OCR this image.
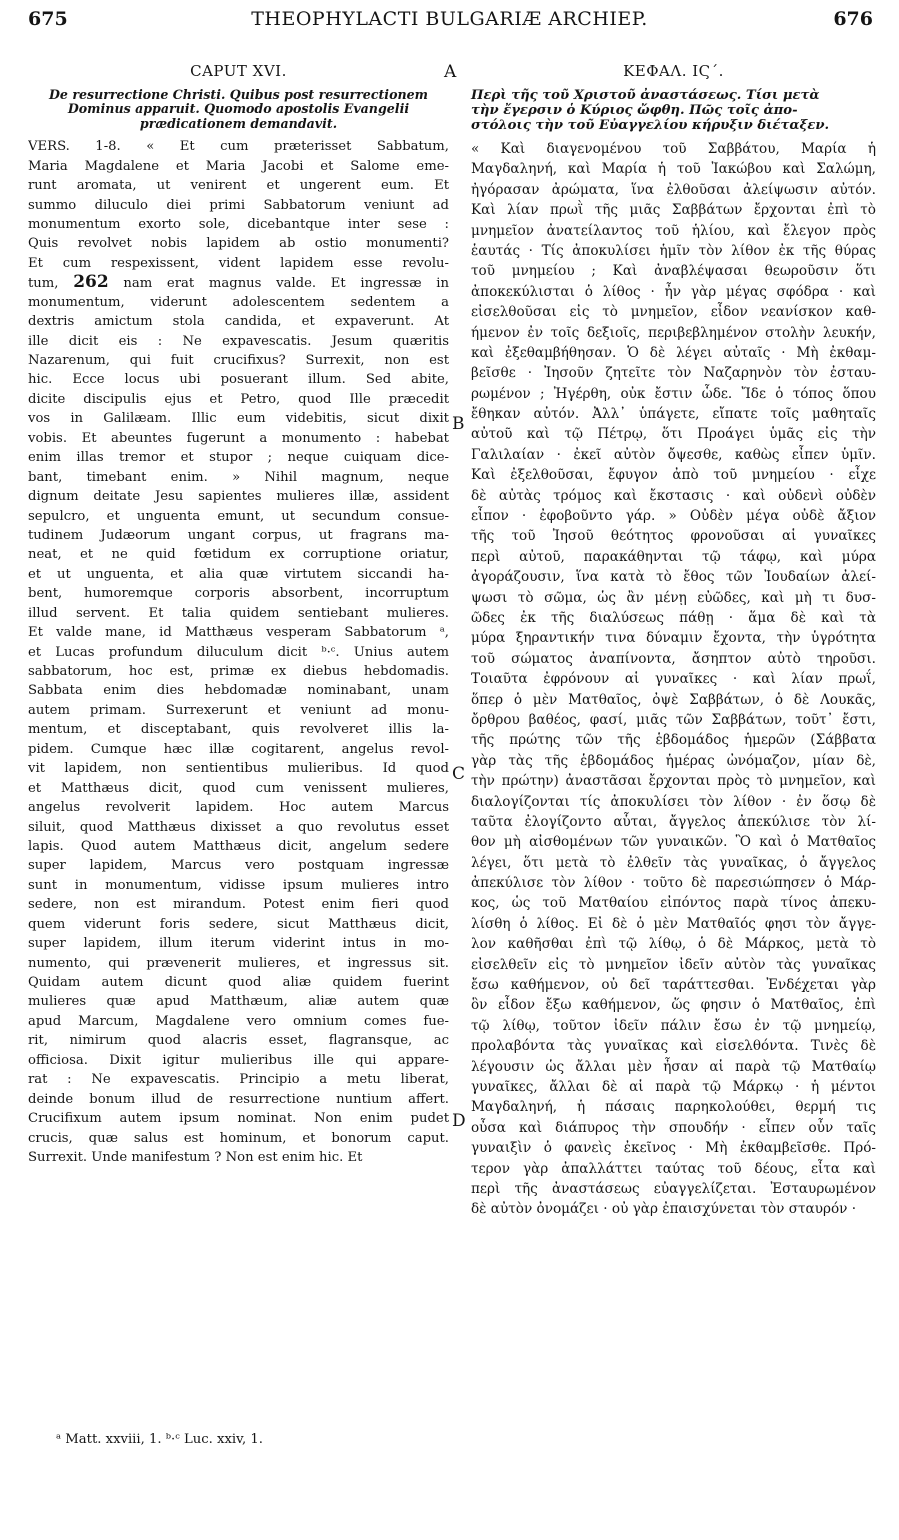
675	THEOPHYLACTI BULGARIÆ ARCHIEP.	676
A
B
C
D
CAPUT XVI.
De resurrectione Christi. Quibus post resurrectionem
Dominus apparuit. Quomodo apostolis Evangelii
prædicationem demandavit.
VERS. 1-8. « Et cum præterisset Sabbatum,
Maria Magdalene et Maria Jacobi et Salome eme-
runt aromata, ut venirent et ungerent eum. Et
summo diluculo diei primi Sabbatorum veniunt ad
monumentum exorto sole, dicebantque inter sese :
Quis revolvet nobis lapidem ab ostio monumenti?
Et cum respexissent, vident lapidem esse revolu-
tum, 262 nam erat magnus valde. Et ingressæ in
monumentum, viderunt adolescentem sedentem a
dextris amictum stola candida, et expaverunt. At
ille dicit eis : Ne expavescatis. Jesum quæritis
Nazarenum, qui fuit crucifixus? Surrexit, non est
hic. Ecce locus ubi posuerant illum. Sed abite,
dicite discipulis ejus et Petro, quod Ille præcedit
vos in Galilæam. Illic eum videbitis, sicut dixit
vobis. Et abeuntes fugerunt a monumento : habebat
enim illas tremor et stupor ; neque cuiquam dice-
bant, timebant enim. » Nihil magnum, neque
dignum deitate Jesu sapientes mulieres illæ, assident
sepulcro, et unguenta emunt, ut secundum consue-
tudinem Judæorum ungant corpus, ut fragrans ma-
neat, et ne quid fœtidum ex corruptione oriatur,
et ut unguenta, et alia quæ virtutem siccandi ha-
bent, humoremque corporis absorbent, incorruptum
illud servent. Et talia quidem sentiebant mulieres.
Et valde mane, id Matthæus vesperam Sabbatorum ᵃ,
et Lucas profundum diluculum dicit ᵇ·ᶜ. Unius autem
sabbatorum, hoc est, primæ ex diebus hebdomadis.
Sabbata enim dies hebdomadæ nominabant, unam
autem primam. Surrexerunt et veniunt ad monu-
mentum, et disceptabant, quis revolveret illis la-
pidem. Cumque hæc illæ cogitarent, angelus revol-
vit lapidem, non sentientibus mulieribus. Id quod
et Matthæus dicit, quod cum venissent mulieres,
angelus revolverit lapidem. Hoc autem Marcus
siluit, quod Matthæus dixisset a quo revolutus esset
lapis. Quod autem Matthæus dicit, angelum sedere
super lapidem, Marcus vero postquam ingressæ
sunt in monumentum, vidisse ipsum mulieres intro
sedere, non est mirandum. Potest enim fieri quod
quem viderunt foris sedere, sicut Matthæus dicit,
super lapidem, illum iterum viderint intus in mo-
numento, qui prævenerit mulieres, et ingressus sit.
Quidam autem dicunt quod aliæ quidem fuerint
mulieres quæ apud Matthæum, aliæ autem quæ
apud Marcum, Magdalene vero omnium comes fue-
rit, nimirum quod alacris esset, flagransque, ac
officiosa. Dixit igitur mulieribus ille qui appare-
rat : Ne expavescatis. Principio a metu liberat,
deinde bonum illud de resurrectione nuntium affert.
Crucifixum autem ipsum nominat. Non enim pudet
crucis, quæ salus est hominum, et bonorum caput.
Surrexit. Unde manifestum ? Non est enim hic. Et
ΚΕΦΑΛ. ΙϚ΄.
Περὶ τῆς τοῦ Χριστοῦ ἀναστάσεως. Τίσι μετὰ
τὴν ἔγερσιν ὁ Κύριος ὤφθη. Πῶς τοῖς ἀπο-
στόλοις τὴν τοῦ Εὐαγγελίου κήρυξιν διέταξεν.
« Καὶ διαγενομένου τοῦ Σαββάτου, Μαρία ἡ
Μαγδαληνή, καὶ Μαρία ἡ τοῦ Ἰακώβου καὶ Σαλώμη,
ἠγόρασαν ἀρώματα, ἵνα ἐλθοῦσαι ἀλείψωσιν αὐτόν.
Καὶ λίαν πρωῒ τῆς μιᾶς Σαββάτων ἔρχονται ἐπὶ τὸ
μνημεῖον ἀνατείλαντος τοῦ ἡλίου, καὶ ἔλεγον πρὸς
ἑαυτάς · Τίς ἀποκυλίσει ἡμῖν τὸν λίθον ἐκ τῆς θύρας
τοῦ μνημείου ; Καὶ ἀναβλέψασαι θεωροῦσιν ὅτι
ἀποκεκύλισται ὁ λίθος · ἦν γὰρ μέγας σφόδρα · καὶ
εἰσελθοῦσαι εἰς τὸ μνημεῖον, εἶδον νεανίσκον καθ-
ήμενον ἐν τοῖς δεξιοῖς, περιβεβλημένον στολὴν λευκήν,
καὶ ἐξεθαμβήθησαν. Ὁ δὲ λέγει αὐταῖς · Μὴ ἐκθαμ-
βεῖσθε · Ἰησοῦν ζητεῖτε τὸν Ναζαρηνὸν τὸν ἐσταυ-
ρωμένον ; Ἠγέρθη, οὐκ ἔστιν ὧδε. Ἴδε ὁ τόπος ὅπου
ἔθηκαν αὐτόν. Ἀλλ᾽ ὑπάγετε, εἴπατε τοῖς μαθηταῖς
αὐτοῦ καὶ τῷ Πέτρῳ, ὅτι Προάγει ὑμᾶς εἰς τὴν
Γαλιλαίαν · ἐκεῖ αὐτὸν ὄψεσθε, καθὼς εἶπεν ὑμῖν.
Καὶ ἐξελθοῦσαι, ἔφυγον ἀπὸ τοῦ μνημείου · εἶχε
δὲ αὐτὰς τρόμος καὶ ἔκστασις · καὶ οὐδενὶ οὐδὲν
εἶπον · ἐφοβοῦντο γάρ. » Οὐδὲν μέγα οὐδὲ ἄξιον
τῆς τοῦ Ἰησοῦ θεότητος φρονοῦσαι αἱ γυναῖκες
περὶ αὐτοῦ, παρακάθηνται τῷ τάφῳ, καὶ μύρα
ἀγοράζουσιν, ἵνα κατὰ τὸ ἔθος τῶν Ἰουδαίων ἀλεί-
ψωσι τὸ σῶμα, ὡς ἂν μένῃ εὐῶδες, καὶ μὴ τι δυσ-
ῶδες ἐκ τῆς διαλύσεως πάθῃ · ἅμα δὲ καὶ τὰ
μύρα ξηραντικήν τινα δύναμιν ἔχοντα, τὴν ὑγρότητα
τοῦ σώματος ἀναπίνοντα, ἄσηπτον αὐτὸ τηροῦσι.
Τοιαῦτα ἐφρόνουν αἱ γυναῖκες · καὶ λίαν πρωΐ,
ὅπερ ὁ μὲν Ματθαῖος, ὀψὲ Σαββάτων, ὁ δὲ Λουκᾶς,
ὄρθρου βαθέος, φασί, μιᾶς τῶν Σαββάτων, τοῦτ᾽ ἔστι,
τῆς πρώτης τῶν τῆς ἑβδομάδος ἡμερῶν (Σάββατα
γὰρ τὰς τῆς ἑβδομάδος ἡμέρας ὠνόμαζον, μίαν δὲ,
τὴν πρώτην) ἀναστᾶσαι ἔρχονται πρὸς τὸ μνημεῖον, καὶ
διαλογίζονται τίς ἀποκυλίσει τὸν λίθον · ἐν ὅσῳ δὲ
ταῦτα ἐλογίζοντο αὗται, ἄγγελος ἀπεκύλισε τὸν λί-
θον μὴ αἰσθομένων τῶν γυναικῶν. Ὃ καὶ ὁ Ματθαῖος
λέγει, ὅτι μετὰ τὸ ἐλθεῖν τὰς γυναῖκας, ὁ ἄγγελος
ἀπεκύλισε τὸν λίθον · τοῦτο δὲ παρεσιώπησεν ὁ Μάρ-
κος, ὡς τοῦ Ματθαίου εἰπόντος παρὰ τίνος ἀπεκυ-
λίσθη ὁ λίθος. Εἰ δὲ ὁ μὲν Ματθαῖός φησι τὸν ἄγγε-
λον καθῆσθαι ἐπὶ τῷ λίθῳ, ὁ δὲ Μάρκος, μετὰ τὸ
εἰσελθεῖν εἰς τὸ μνημεῖον ἰδεῖν αὐτὸν τὰς γυναῖκας
ἔσω καθήμενον, οὐ δεῖ ταράττεσθαι. Ἐνδέχεται γὰρ
ὃν εἶδον ἔξω καθήμενον, ὥς φησιν ὁ Ματθαῖος, ἐπὶ
τῷ λίθῳ, τοῦτον ἰδεῖν πάλιν ἔσω ἐν τῷ μνημείῳ,
προλαβόντα τὰς γυναῖκας καὶ εἰσελθόντα. Τινὲς δὲ
λέγουσιν ὡς ἄλλαι μὲν ἦσαν αἱ παρὰ τῷ Ματθαίῳ
γυναῖκες, ἄλλαι δὲ αἱ παρὰ τῷ Μάρκῳ · ἡ μέντοι
Μαγδαληνή, ἡ πάσαις παρηκολούθει, θερμή τις
οὖσα καὶ διάπυρος τὴν σπουδήν · εἶπεν οὖν ταῖς
γυναιξὶν ὁ φανεὶς ἐκεῖνος · Μὴ ἐκθαμβεῖσθε. Πρό-
τερον γὰρ ἀπαλλάττει ταύτας τοῦ δέους, εἶτα καὶ
περὶ τῆς ἀναστάσεως εὐαγγελίζεται. Ἐσταυρωμένον
δὲ αὐτὸν ὀνομάζει · οὐ γὰρ ἐπαισχύνεται τὸν σταυρόν ·
ᵃ Matt. xxviii, 1. ᵇ·ᶜ Luc. xxiv, 1.
